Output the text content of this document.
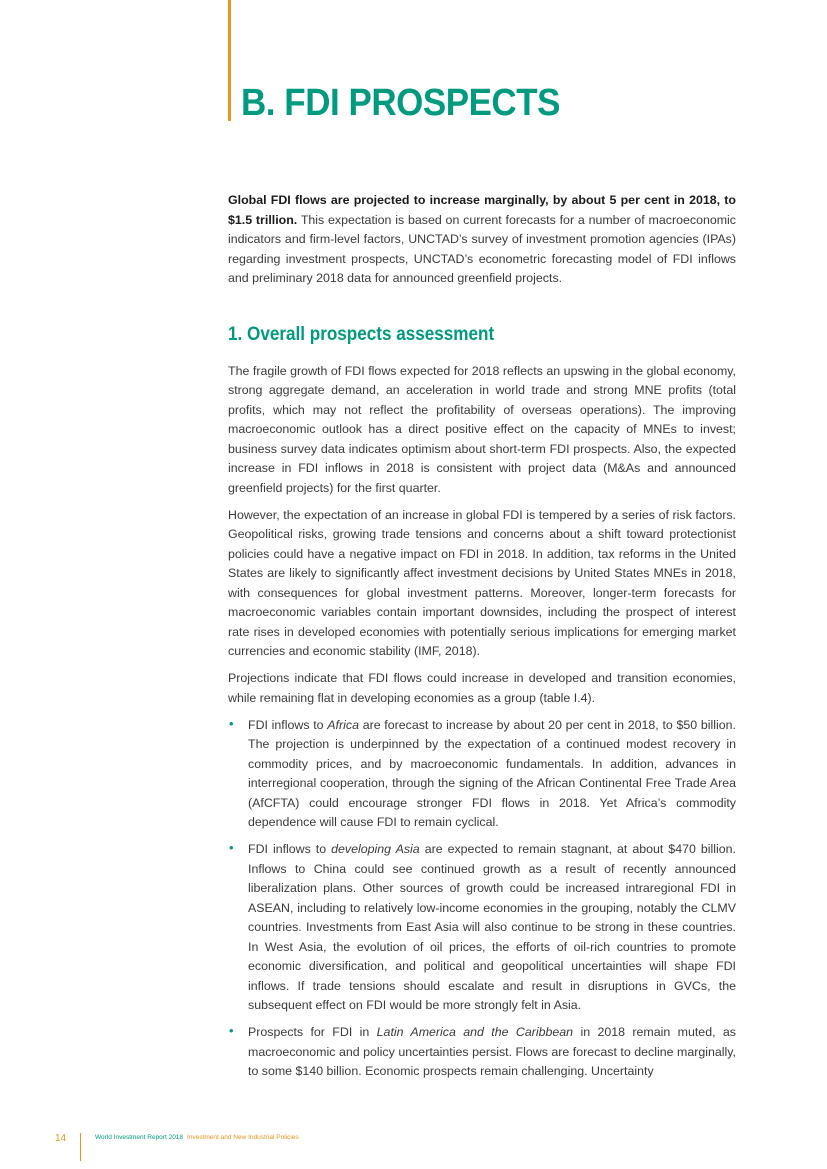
B. FDI PROSPECTS

Global FDI flows are projected to increase marginally, by about 5 per cent in 2018, to $1.5 trillion. This expectation is based on current forecasts for a number of macroeconomic indicators and firm-level factors, UNCTAD’s survey of investment promotion agencies (IPAs) regarding investment prospects, UNCTAD’s econometric forecasting model of FDI inflows and preliminary 2018 data for announced greenfield projects.

1. Overall prospects assessment

The fragile growth of FDI flows expected for 2018 reflects an upswing in the global economy, strong aggregate demand, an acceleration in world trade and strong MNE profits (total profits, which may not reflect the profitability of overseas operations). The improving macroeconomic outlook has a direct positive effect on the capacity of MNEs to invest; business survey data indicates optimism about short-term FDI prospects. Also, the expected increase in FDI inflows in 2018 is consistent with project data (M&As and announced greenfield projects) for the first quarter.

However, the expectation of an increase in global FDI is tempered by a series of risk factors. Geopolitical risks, growing trade tensions and concerns about a shift toward protectionist policies could have a negative impact on FDI in 2018. In addition, tax reforms in the United States are likely to significantly affect investment decisions by United States MNEs in 2018, with consequences for global investment patterns. Moreover, longer-term forecasts for macroeconomic variables contain important downsides, including the prospect of interest rate rises in developed economies with potentially serious implications for emerging market currencies and economic stability (IMF, 2018).

Projections indicate that FDI flows could increase in developed and transition economies, while remaining flat in developing economies as a group (table I.4).

• FDI inflows to Africa are forecast to increase by about 20 per cent in 2018, to $50 billion. The projection is underpinned by the expectation of a continued modest recovery in commodity prices, and by macroeconomic fundamentals. In addition, advances in interregional cooperation, through the signing of the African Continental Free Trade Area (AfCFTA) could encourage stronger FDI flows in 2018. Yet Africa’s commodity dependence will cause FDI to remain cyclical.

• FDI inflows to developing Asia are expected to remain stagnant, at about $470 billion. Inflows to China could see continued growth as a result of recently announced liberalization plans. Other sources of growth could be increased intraregional FDI in ASEAN, including to relatively low-income economies in the grouping, notably the CLMV countries. Investments from East Asia will also continue to be strong in these countries. In West Asia, the evolution of oil prices, the efforts of oil-rich countries to promote economic diversification, and political and geopolitical uncertainties will shape FDI inflows. If trade tensions should escalate and result in disruptions in GVCs, the subsequent effect on FDI would be more strongly felt in Asia.

• Prospects for FDI in Latin America and the Caribbean in 2018 remain muted, as macroeconomic and policy uncertainties persist. Flows are forecast to decline marginally, to some $140 billion. Economic prospects remain challenging. Uncertainty

14	World Investment Report 2018 Investment and New Industrial Policies
